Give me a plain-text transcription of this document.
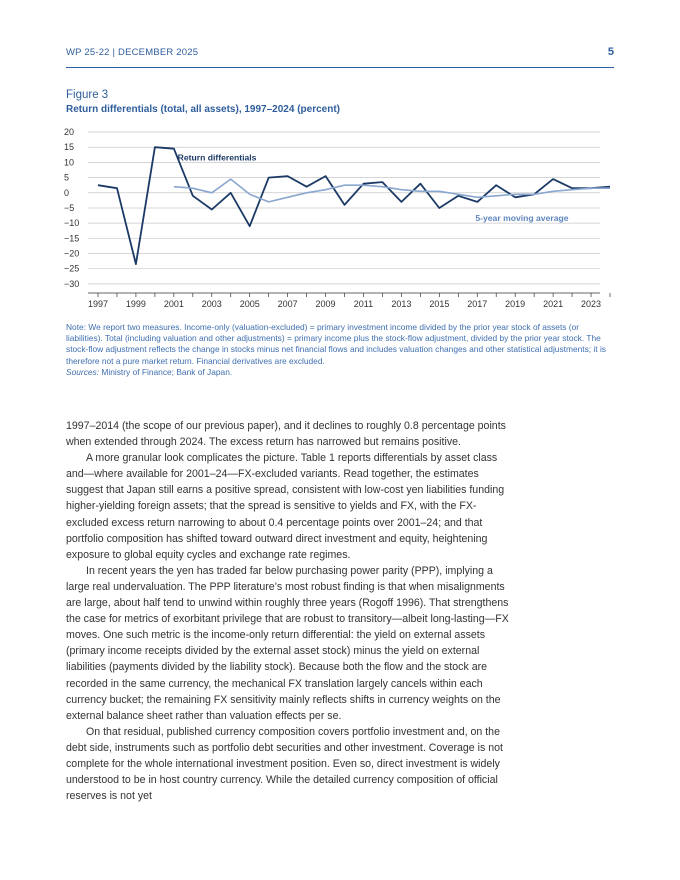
WP 25-22 | DECEMBER 2025	5
Figure 3
Return differentials (total, all assets), 1997–2024 (percent)
20
15
10
5
0
−5
−10
−15
−20
−25
−30
1997 1999 2001 2003 2005 2007 2009 2011 2013 2015 2017 2019 2021 2023
Return differentials
5-year moving average
Note: We report two measures. Income-only (valuation-excluded) = primary investment income divided by the prior year stock of assets (or liabilities). Total (including valuation and other adjustments) = primary income plus the stock-flow adjustment, divided by the prior year stock. The stock-flow adjustment reflects the change in stocks minus net financial flows and includes valuation changes and other statistical adjustments; it is therefore not a pure market return. Financial derivatives are excluded.
Sources: Ministry of Finance; Bank of Japan.

1997–2014 (the scope of our previous paper), and it declines to roughly 0.8 percentage points when extended through 2024. The excess return has narrowed but remains positive.

A more granular look complicates the picture. Table 1 reports differentials by asset class and—where available for 2001–24—FX-excluded variants. Read together, the estimates suggest that Japan still earns a positive spread, consistent with low-cost yen liabilities funding higher-yielding foreign assets; that the spread is sensitive to yields and FX, with the FX-excluded excess return narrowing to about 0.4 percentage points over 2001–24; and that portfolio composition has shifted toward outward direct investment and equity, heightening exposure to global equity cycles and exchange rate regimes.

In recent years the yen has traded far below purchasing power parity (PPP), implying a large real undervaluation. The PPP literature’s most robust finding is that when misalignments are large, about half tend to unwind within roughly three years (Rogoff 1996). That strengthens the case for metrics of exorbitant privilege that are robust to transitory—albeit long-lasting—FX moves. One such metric is the income-only return differential: the yield on external assets (primary income receipts divided by the external asset stock) minus the yield on external liabilities (payments divided by the liability stock). Because both the flow and the stock are recorded in the same currency, the mechanical FX translation largely cancels within each currency bucket; the remaining FX sensitivity mainly reflects shifts in currency weights on the external balance sheet rather than valuation effects per se.

On that residual, published currency composition covers portfolio investment and, on the debt side, instruments such as portfolio debt securities and other investment. Coverage is not complete for the whole international investment position. Even so, direct investment is widely understood to be in host country currency. While the detailed currency composition of official reserves is not yet
